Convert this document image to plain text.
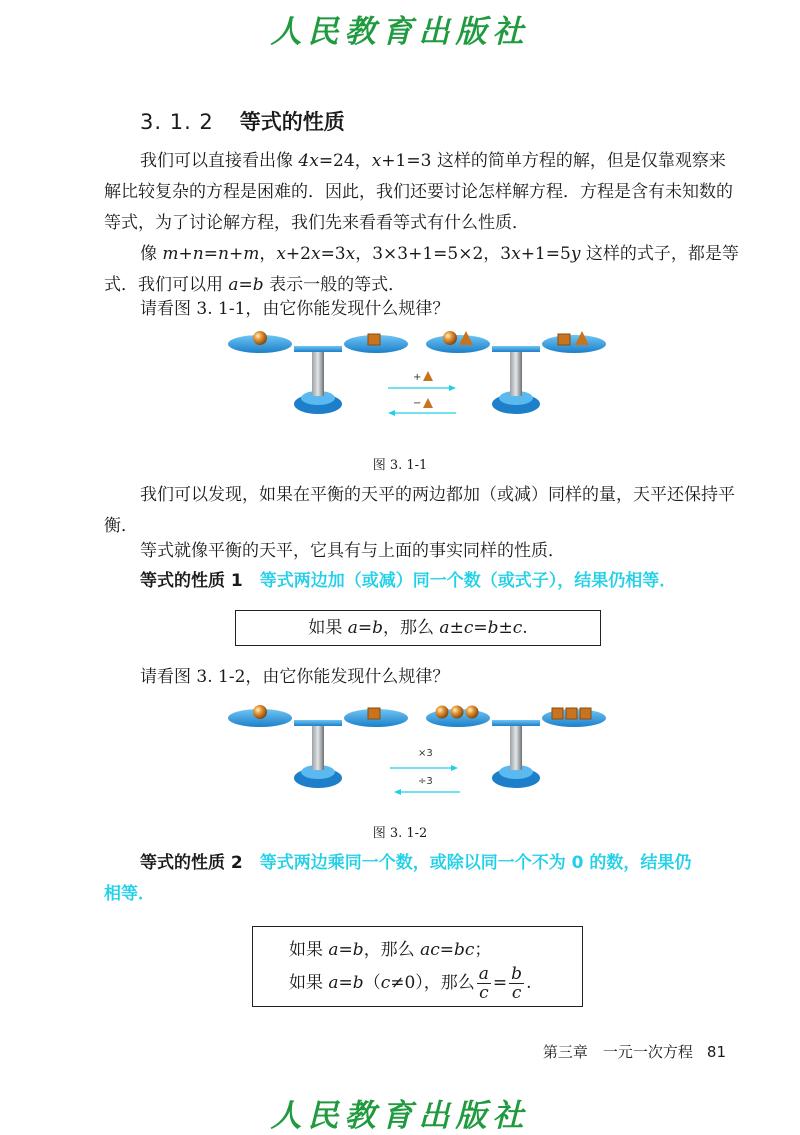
人民教育出版社
人民教育出版社
3. 1. 2 等式的性质

我们可以直接看出像 4x=24，x+1=3 这样的简单方程的解，但是仅靠观察来解比较复杂的方程是困难的．因此，我们还要讨论怎样解方程．方程是含有未知数的等式，为了讨论解方程，我们先来看看等式有什么性质．

像 m+n=n+m，x+2x=3x，3×3+1=5×2，3x+1=5y 这样的式子，都是等式．我们可以用 a=b 表示一般的等式．

请看图 3. 1-1，由它你能发现什么规律？

+
−
图 3. 1-1

我们可以发现，如果在平衡的天平的两边都加（或减）同样的量，天平还保持平衡．

等式就像平衡的天平，它具有与上面的事实同样的性质．

等式的性质 1　 等式两边加（或减）同一个数（或式子），结果仍相等．

如果 a=b，那么 a±c=b±c.

请看图 3. 1-2，由它你能发现什么规律？

×3
÷3
图 3. 1-2

等式的性质 2　 等式两边乘同一个数，或除以同一个不为 0 的数，结果仍
相等．

如果 a=b，那么 ac=bc；
如果 a=b（c≠0），那么 $\frac{a}{c} = \frac{b}{c}$ .
第三章　一元一次方程 81
